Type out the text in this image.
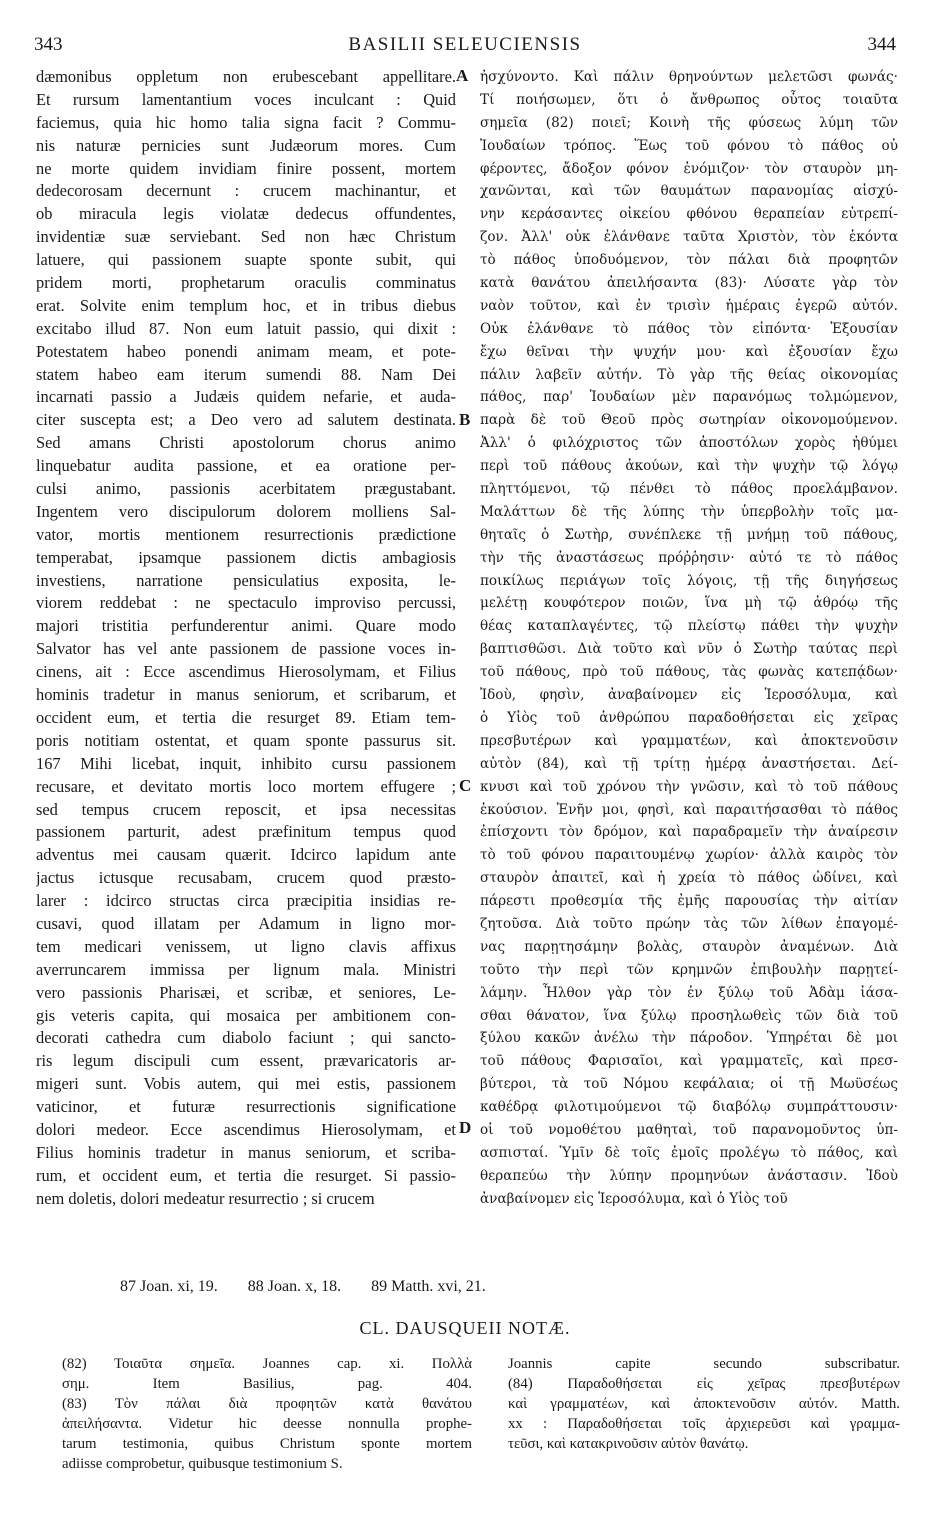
343	BASILII SELEUCIENSIS	344
dæmonibus oppletum non erubescebant appellitare.
Et rursum lamentantium voces inculcant : Quid
faciemus, quia hic homo talia signa facit ? Commu-
nis naturæ pernicies sunt Judæorum mores. Cum
ne morte quidem invidiam finire possent, mortem
dedecorosam decernunt : crucem machinantur, et
ob miracula legis violatæ dedecus offundentes,
invidentiæ suæ serviebant. Sed non hæc Christum
latuere, qui passionem suapte sponte subit, qui
pridem morti, prophetarum oraculis comminatus
erat. Solvite enim templum hoc, et in tribus diebus
excitabo illud 87. Non eum latuit passio, qui dixit :
Potestatem habeo ponendi animam meam, et pote-
statem habeo eam iterum sumendi 88. Nam Dei
incarnati passio a Judæis quidem nefarie, et auda-
citer suscepta est; a Deo vero ad salutem destinata.
Sed amans Christi apostolorum chorus animo
linquebatur audita passione, et ea oratione per-
culsi animo, passionis acerbitatem prægustabant.
Ingentem vero discipulorum dolorem molliens Sal-
vator, mortis mentionem resurrectionis prædictione
temperabat, ipsamque passionem dictis ambagiosis
investiens, narratione pensiculatius exposita, le-
viorem reddebat : ne spectaculo improviso percussi,
majori tristitia perfunderentur animi. Quare modo
Salvator has vel ante passionem de passione voces in-
cinens, ait : Ecce ascendimus Hierosolymam, et Filius
hominis tradetur in manus seniorum, et scribarum, et
occident eum, et tertia die resurget 89. Etiam tem-
poris notitiam ostentat, et quam sponte passurus sit.
167 Mihi licebat, inquit, inhibito cursu passionem
recusare, et devitato mortis loco mortem effugere ;
sed tempus crucem reposcit, et ipsa necessitas
passionem parturit, adest præfinitum tempus quod
adventus mei causam quærit. Idcirco lapidum ante
jactus ictusque recusabam, crucem quod præsto-
larer : idcirco structas circa præcipitia insidias re-
cusavi, quod illatam per Adamum in ligno mor-
tem medicari venissem, ut ligno clavis affixus
averruncarem immissa per lignum mala. Ministri
vero passionis Pharisæi, et scribæ, et seniores, Le-
gis veteris capita, qui mosaica per ambitionem con-
decorati cathedra cum diabolo faciunt ; qui sancto-
ris legum discipuli cum essent, prævaricatoris ar-
migeri sunt. Vobis autem, qui mei estis, passionem
vaticinor, et futuræ resurrectionis significatione
dolori medeor. Ecce ascendimus Hierosolymam, et
Filius hominis tradetur in manus seniorum, et scriba-
rum, et occident eum, et tertia die resurget. Si passio-
nem doletis, dolori medeatur resurrectio ; si crucem
ἠσχύνοντο. Καὶ πάλιν θρηνούντων μελετῶσι φωνάς·
Τί ποιήσωμεν, ὅτι ὁ ἄνθρωπος οὗτος τοιαῦτα
σημεῖα (82) ποιεῖ; Κοινὴ τῆς φύσεως λύμη τῶν
Ἰουδαίων τρόπος. Ἕως τοῦ φόνου τὸ πάθος οὐ
φέροντες, ἄδοξον φόνον ἐνόμιζον· τὸν σταυρὸν μη-
χανῶνται, καὶ τῶν θαυμάτων παρανομίας αἰσχύ-
νην κεράσαντες οἰκείου φθόνου θεραπείαν εὐτρεπί-
ζον. Ἀλλ' οὐκ ἐλάνθανε ταῦτα Χριστὸν, τὸν ἑκόντα
τὸ πάθος ὑποδυόμενον, τὸν πάλαι διὰ προφητῶν
κατὰ θανάτου ἀπειλήσαντα (83)· Λύσατε γὰρ τὸν
ναὸν τοῦτον, καὶ ἐν τρισὶν ἡμέραις ἐγερῶ αὐτόν.
Οὐκ ἐλάνθανε τὸ πάθος τὸν εἰπόντα· Ἐξουσίαν
ἔχω θεῖναι τὴν ψυχήν μου· καὶ ἐξουσίαν ἔχω
πάλιν λαβεῖν αὐτήν. Τὸ γὰρ τῆς θείας οἰκονομίας
πάθος, παρ' Ἰουδαίων μὲν παρανόμως τολμώμενον,
παρὰ δὲ τοῦ Θεοῦ πρὸς σωτηρίαν οἰκονομούμενον.
Ἀλλ' ὁ φιλόχριστος τῶν ἀποστόλων χορὸς ἠθύμει
περὶ τοῦ πάθους ἀκούων, καὶ τὴν ψυχὴν τῷ λόγῳ
πληττόμενοι, τῷ πένθει τὸ πάθος προελάμβανον.
Μαλάττων δὲ τῆς λύπης τὴν ὑπερβολὴν τοῖς μα-
θηταῖς ὁ Σωτὴρ, συνέπλεκε τῇ μνήμῃ τοῦ πάθους,
τὴν τῆς ἀναστάσεως πρόῤῥησιν· αὐτό τε τὸ πάθος
ποικίλως περιάγων τοῖς λόγοις, τῇ τῆς διηγήσεως
μελέτῃ κουφότερον ποιῶν, ἵνα μὴ τῷ ἀθρόῳ τῆς
θέας καταπλαγέντες, τῷ πλείστῳ πάθει τὴν ψυχὴν
βαπτισθῶσι. Διὰ τοῦτο καὶ νῦν ὁ Σωτὴρ ταύτας περὶ
τοῦ πάθους, πρὸ τοῦ πάθους, τὰς φωνὰς κατεπᾴδων·
Ἰδοὺ, φησὶν, ἀναβαίνομεν εἰς Ἱεροσόλυμα, καὶ
ὁ Υἱὸς τοῦ ἀνθρώπου παραδοθήσεται εἰς χεῖρας
πρεσβυτέρων καὶ γραμματέων, καὶ ἀποκτενοῦσιν
αὐτὸν (84), καὶ τῇ τρίτῃ ἡμέρᾳ ἀναστήσεται. Δεί-
κνυσι καὶ τοῦ χρόνου τὴν γνῶσιν, καὶ τὸ τοῦ πάθους
ἑκούσιον. Ἐνῆν μοι, φησὶ, καὶ παραιτήσασθαι τὸ πάθος
ἐπίσχοντι τὸν δρόμον, καὶ παραδραμεῖν τὴν ἀναίρεσιν
τὸ τοῦ φόνου παραιτουμένῳ χωρίον· ἀλλὰ καιρὸς τὸν
σταυρὸν ἀπαιτεῖ, καὶ ἡ χρεία τὸ πάθος ὠδίνει, καὶ
πάρεστι προθεσμία τῆς ἐμῆς παρουσίας τὴν αἰτίαν
ζητοῦσα. Διὰ τοῦτο πρώην τὰς τῶν λίθων ἐπαγομέ-
νας παρῃτησάμην βολὰς, σταυρὸν ἀναμένων. Διὰ
τοῦτο τὴν περὶ τῶν κρημνῶν ἐπιβουλὴν παρῃτεί-
λάμην. Ἦλθον γὰρ τὸν ἐν ξύλῳ τοῦ Ἀδὰμ ἰάσα-
σθαι θάνατον, ἵνα ξύλῳ προσηλωθεὶς τῶν διὰ τοῦ
ξύλου κακῶν ἀνέλω τὴν πάροδον. Ὑπηρέται δὲ μοι
τοῦ πάθους Φαρισαῖοι, καὶ γραμματεῖς, καὶ πρεσ-
βύτεροι, τὰ τοῦ Νόμου κεφάλαια; οἱ τῇ Μωϋσέως
καθέδρᾳ φιλοτιμούμενοι τῷ διαβόλῳ συμπράττουσιν·
οἱ τοῦ νομοθέτου μαθηταὶ, τοῦ παρανομοῦντος ὑπ-
ασπισταί. Ὑμῖν δὲ τοῖς ἐμοῖς προλέγω τὸ πάθος, καὶ
θεραπεύω τὴν λύπην προμηνύων ἀνάστασιν. Ἰδοὺ
ἀναβαίνομεν εἰς Ἱεροσόλυμα, καὶ ὁ Υἱὸς τοῦ
A
B
C
D
87 Joan. xi, 19. 88 Joan. x, 18. 89 Matth. xvi, 21.
CL. DAUSQUEII NOTÆ.
(82) Τοιαῦτα σημεῖα. Joannes cap. xi. Πολλὰ
σημ. Item Basilius, pag. 404.
(83) Τὸν πάλαι διὰ προφητῶν κατὰ θανάτου
ἀπειλήσαντα. Videtur hic deesse nonnulla prophe-
tarum testimonia, quibus Christum sponte mortem
adiisse comprobetur, quibusque testimonium S.
Joannis capite secundo subscribatur.
(84) Παραδοθήσεται εἰς χεῖρας πρεσβυτέρων
καὶ γραμματέων, καὶ ἀποκτενοῦσιν αὐτόν. Matth.
xx : Παραδοθήσεται τοῖς ἀρχιερεῦσι καὶ γραμμα-
τεῦσι, καὶ κατακρινοῦσιν αὐτὸν θανάτῳ.
